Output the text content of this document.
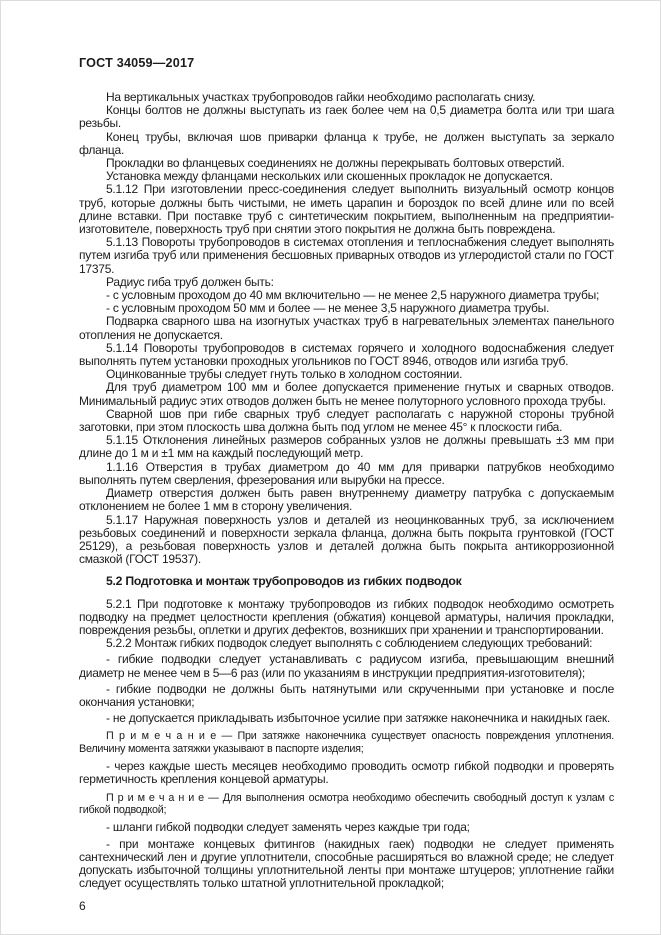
ГОСТ 34059—2017

На вертикальных участках трубопроводов гайки необходимо располагать снизу.

Концы болтов не должны выступать из гаек более чем на 0,5 диаметра болта или три шага резьбы.

Конец трубы, включая шов приварки фланца к трубе, не должен выступать за зеркало фланца.

Прокладки во фланцевых соединениях не должны перекрывать болтовых отверстий.

Установка между фланцами нескольких или скошенных прокладок не допускается.

5.1.12 При изготовлении пресс-соединения следует выполнить визуальный осмотр концов труб, которые должны быть чистыми, не иметь царапин и бороздок по всей длине или по всей длине вставки. При поставке труб с синтетическим покрытием, выполненным на предприятии-изготовителе, поверхность труб при снятии этого покрытия не должна быть повреждена.

5.1.13 Повороты трубопроводов в системах отопления и теплоснабжения следует выполнять путем изгиба труб или применения бесшовных приварных отводов из углеродистой стали по ГОСТ 17375.

Радиус гиба труб должен быть:

- с условным проходом до 40 мм включительно — не менее 2,5 наружного диаметра трубы;

- с условным проходом 50 мм и более — не менее 3,5 наружного диаметра трубы.

Подварка сварного шва на изогнутых участках труб в нагревательных элементах панельного отопления не допускается.

5.1.14 Повороты трубопроводов в системах горячего и холодного водоснабжения следует выполнять путем установки проходных угольников по ГОСТ 8946, отводов или изгиба труб.

Оцинкованные трубы следует гнуть только в холодном состоянии.

Для труб диаметром 100 мм и более допускается применение гнутых и сварных отводов. Минимальный радиус этих отводов должен быть не менее полуторного условного прохода трубы.

Сварной шов при гибе сварных труб следует располагать с наружной стороны трубной заготовки, при этом плоскость шва должна быть под углом не менее 45° к плоскости гиба.

5.1.15 Отклонения линейных размеров собранных узлов не должны превышать ±3 мм при длине до 1 м и ±1 мм на каждый последующий метр.

1.1.16 Отверстия в трубах диаметром до 40 мм для приварки патрубков необходимо выполнять путем сверления, фрезерования или вырубки на прессе.

Диаметр отверстия должен быть равен внутреннему диаметру патрубка с допускаемым отклонением не более 1 мм в сторону увеличения.

5.1.17 Наружная поверхность узлов и деталей из неоцинкованных труб, за исключением резьбовых соединений и поверхности зеркала фланца, должна быть покрыта грунтовкой (ГОСТ 25129), а резьбовая поверхность узлов и деталей должна быть покрыта антикоррозионной смазкой (ГОСТ 19537).

5.2 Подготовка и монтаж трубопроводов из гибких подводок

5.2.1 При подготовке к монтажу трубопроводов из гибких подводок необходимо осмотреть подводку на предмет целостности крепления (обжатия) концевой арматуры, наличия прокладки, повреждения резьбы, оплетки и других дефектов, возникших при хранении и транспортировании.

5.2.2 Монтаж гибких подводок следует выполнять с соблюдением следующих требований:

- гибкие подводки следует устанавливать с радиусом изгиба, превышающим внешний диаметр не менее чем в 5—6 раз (или по указаниям в инструкции предприятия-изготовителя);

- гибкие подводки не должны быть натянутыми или скрученными при установке и после окончания установки;

- не допускается прикладывать избыточное усилие при затяжке наконечника и накидных гаек.

П р и м е ч а н и е — При затяжке наконечника существует опасность повреждения уплотнения. Величину момента затяжки указывают в паспорте изделия;

- через каждые шесть месяцев необходимо проводить осмотр гибкой подводки и проверять герметичность крепления концевой арматуры.

П р и м е ч а н и е — Для выполнения осмотра необходимо обеспечить свободный доступ к узлам с гибкой подводкой;

- шланги гибкой подводки следует заменять через каждые три года;

- при монтаже концевых фитингов (накидных гаек) подводки не следует применять сантехнический лен и другие уплотнители, способные расширяться во влажной среде; не следует допускать избыточной толщины уплотнительной ленты при монтаже штуцеров; уплотнение гайки следует осуществлять только штатной уплотнительной прокладкой;

6
